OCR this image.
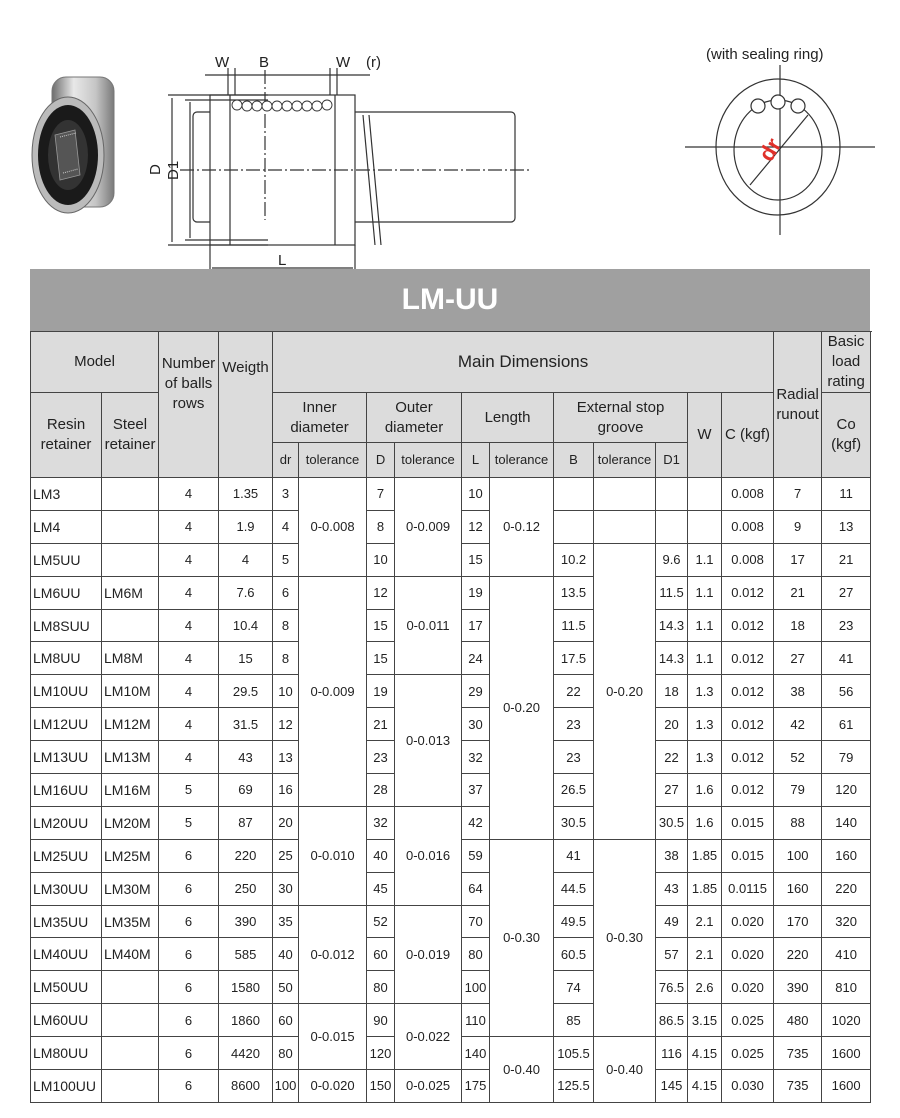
W B	W (r)
D D1
L
(with sealing ring)
dr
LM-UU
Model		Number of balls rows	Weigth	Main Dimensions											Radial runout	Basic load rating
Resin retainer	Steel retainer			Inner diameter		Outer diameter		Length		External stop groove			W	C (kgf)		Co (kgf)
				dr	tolerance	D	tolerance	L	tolerance	B	tolerance	D1				
LM3		4	1.35	3	0-0.008	7	0-0.009	10	0-0.12					0.008	7	11
LM4		4	1.9	4		8		12						0.008	9	13
LM5UU		4	4	5		10		15		10.2	0-0.20	9.6	1.1	0.008	17	21
LM6UU	LM6M	4	7.6	6	0-0.009	12	0-0.011	19	0-0.20	13.5		11.5	1.1	0.012	21	27
LM8SUU		4	10.4	8		15		17		11.5		14.3	1.1	0.012	18	23
LM8UU	LM8M	4	15	8		15		24		17.5		14.3	1.1	0.012	27	41
LM10UU	LM10M	4	29.5	10		19	0-0.013	29		22		18	1.3	0.012	38	56
LM12UU	LM12M	4	31.5	12		21		30		23		20	1.3	0.012	42	61
LM13UU	LM13M	4	43	13		23		32		23		22	1.3	0.012	52	79
LM16UU	LM16M	5	69	16		28		37		26.5		27	1.6	0.012	79	120
LM20UU	LM20M	5	87	20	0-0.010	32	0-0.016	42		30.5		30.5	1.6	0.015	88	140
LM25UU	LM25M	6	220	25		40		59	0-0.30	41	0-0.30	38	1.85	0.015	100	160
LM30UU	LM30M	6	250	30		45		64		44.5		43	1.85	0.0115	160	220
LM35UU	LM35M	6	390	35	0-0.012	52	0-0.019	70		49.5		49	2.1	0.020	170	320
LM40UU	LM40M	6	585	40		60		80		60.5		57	2.1	0.020	220	410
LM50UU		6	1580	50		80		100		74		76.5	2.6	0.020	390	810
LM60UU		6	1860	60	0-0.015	90	0-0.022	110		85		86.5	3.15	0.025	480	1020
LM80UU		6	4420	80		120		140	0-0.40	105.5	0-0.40	116	4.15	0.025	735	1600
LM100UU		6	8600	100	0-0.020	150	0-0.025	175		125.5		145	4.15	0.030	735	1600
